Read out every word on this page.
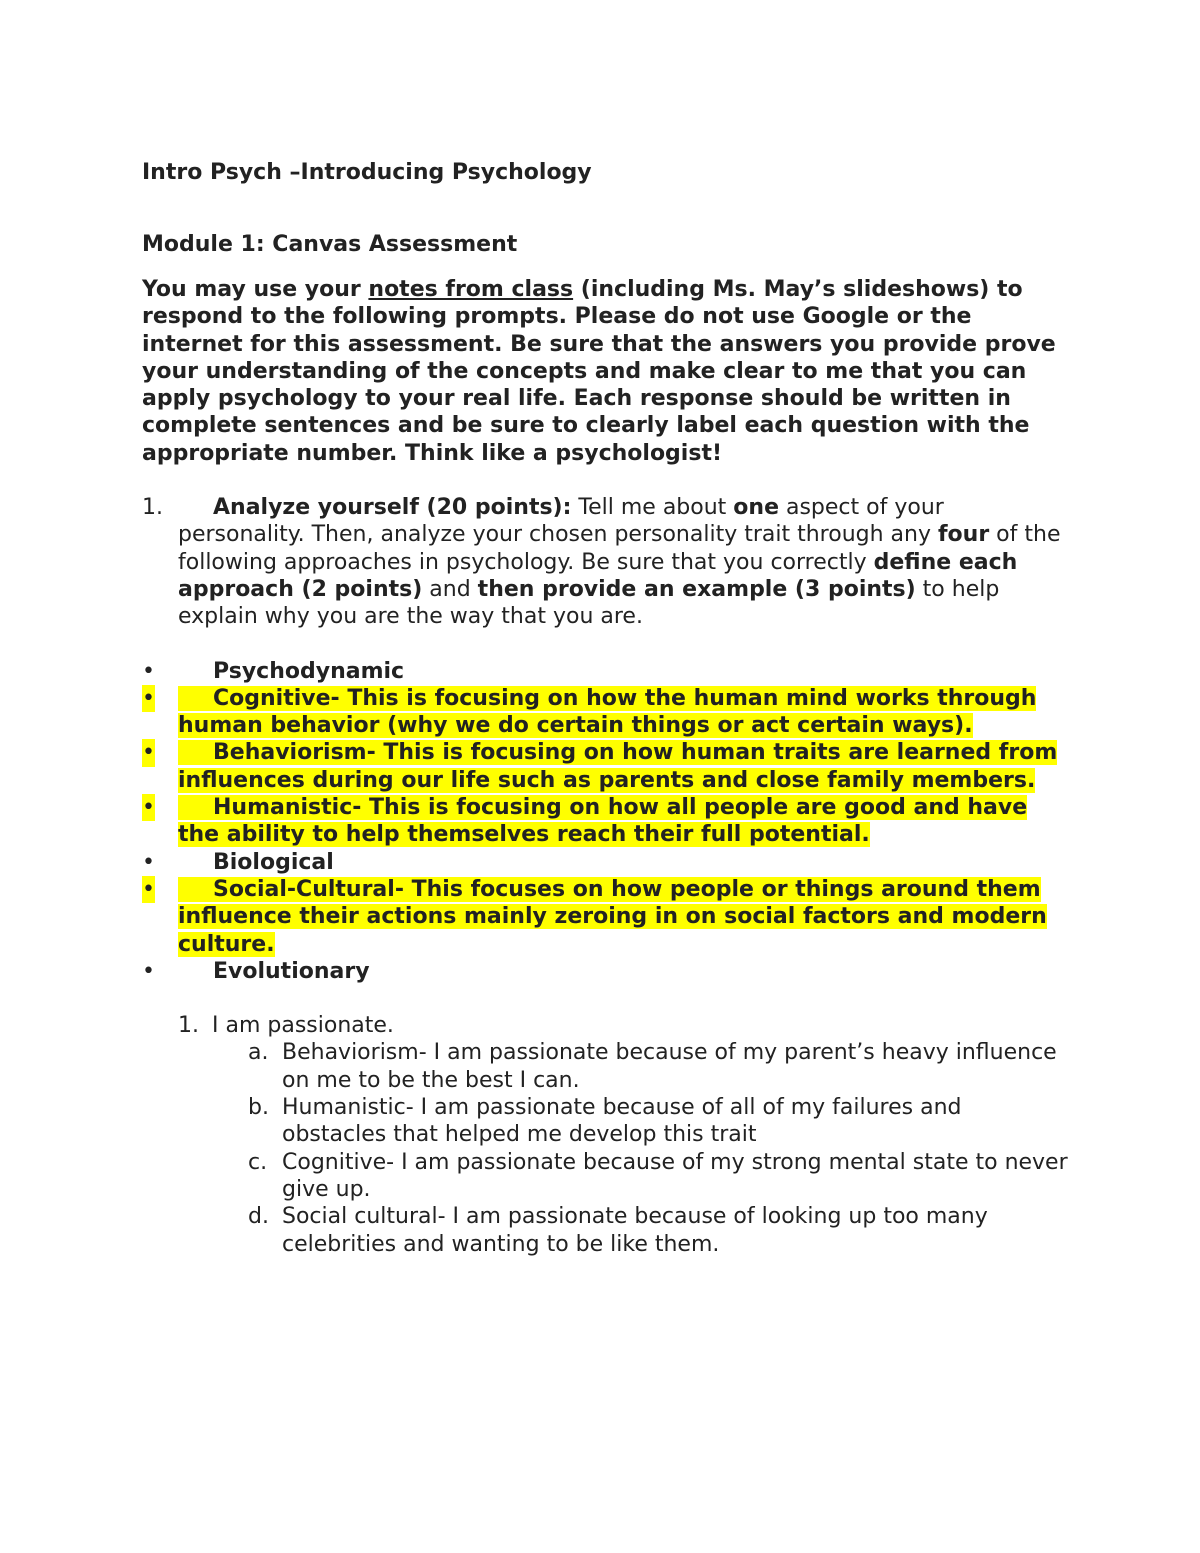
Intro Psych –Introducing Psychology

Module 1: Canvas Assessment

You may use your notes from class (including Ms. May’s slideshows) to respond to the following prompts. Please do not use Google or the internet for this assessment. Be sure that the answers you provide prove your understanding of the concepts and make clear to me that you can apply psychology to your real life. Each response should be written in complete sentences and be sure to clearly label each question with the appropriate number. Think like a psychologist!

1. Analyze yourself (20 points): Tell me about one aspect of your personality. Then, analyze your chosen personality trait through any four of the following approaches in psychology. Be sure that you correctly define each approach (2 points) and then provide an example (3 points) to help explain why you are the way that you are.
•	Psychodynamic
•	Cognitive- This is focusing on how the human mind works through human behavior (why we do certain things or act certain ways).
•	Behaviorism- This is focusing on how human traits are learned from influences during our life such as parents and close family members.
•	Humanistic- This is focusing on how all people are good and have the ability to help themselves reach their full potential.
•	Biological
•	Social-Cultural- This focuses on how people or things around them influence their actions mainly zeroing in on social factors and modern culture.
•	Evolutionary
1. I am passionate.
a. Behaviorism- I am passionate because of my parent’s heavy influence on me to be the best I can.
b. Humanistic- I am passionate because of all of my failures and obstacles that helped me develop this trait
c. Cognitive- I am passionate because of my strong mental state to never give up.
d. Social cultural- I am passionate because of looking up too many celebrities and wanting to be like them.
